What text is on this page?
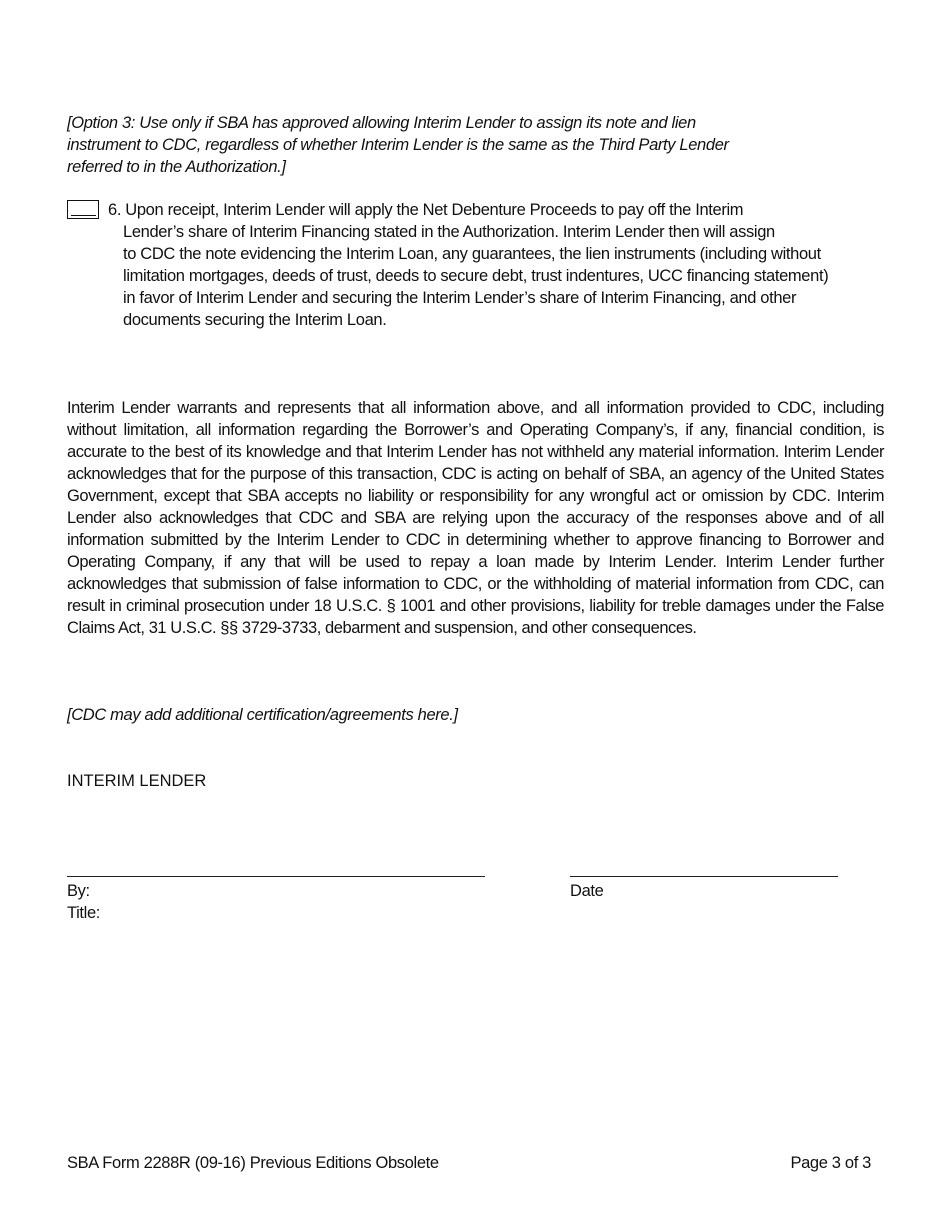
[Option 3: Use only if SBA has approved allowing Interim Lender to assign its note and lien
instrument to CDC, regardless of whether Interim Lender is the same as the Third Party Lender
referred to in the Authorization.]
6. Upon receipt, Interim Lender will apply the Net Debenture Proceeds to pay off the Interim
Lender’s share of Interim Financing stated in the Authorization. Interim Lender then will assign
to CDC the note evidencing the Interim Loan, any guarantees, the lien instruments (including without
limitation mortgages, deeds of trust, deeds to secure debt, trust indentures, UCC financing statement)
in favor of Interim Lender and securing the Interim Lender’s share of Interim Financing, and other
documents securing the Interim Loan.
Interim Lender warrants and represents that all information above, and all information provided to CDC, including without limitation, all information regarding the Borrower’s and Operating Company’s, if any, financial condition, is accurate to the best of its knowledge and that Interim Lender has not withheld any material information. Interim Lender acknowledges that for the purpose of this transaction, CDC is acting on behalf of SBA, an agency of the United States Government, except that SBA accepts no liability or responsibility for any wrongful act or omission by CDC. Interim Lender also acknowledges that CDC and SBA are relying upon the accuracy of the responses above and of all information submitted by the Interim Lender to CDC in determining whether to approve financing to Borrower and Operating Company, if any that will be used to repay a loan made by Interim Lender. Interim Lender further acknowledges that submission of false information to CDC, or the withholding of material information from CDC, can result in criminal prosecution under 18 U.S.C. § 1001 and other provisions, liability for treble damages under the False Claims Act, 31 U.S.C. §§ 3729-3733, debarment and suspension, and other consequences.
[CDC may add additional certification/agreements here.]
INTERIM LENDER
By:
Title:
Date
SBA Form 2288R (09-16) Previous Editions Obsolete	Page 3 of 3
